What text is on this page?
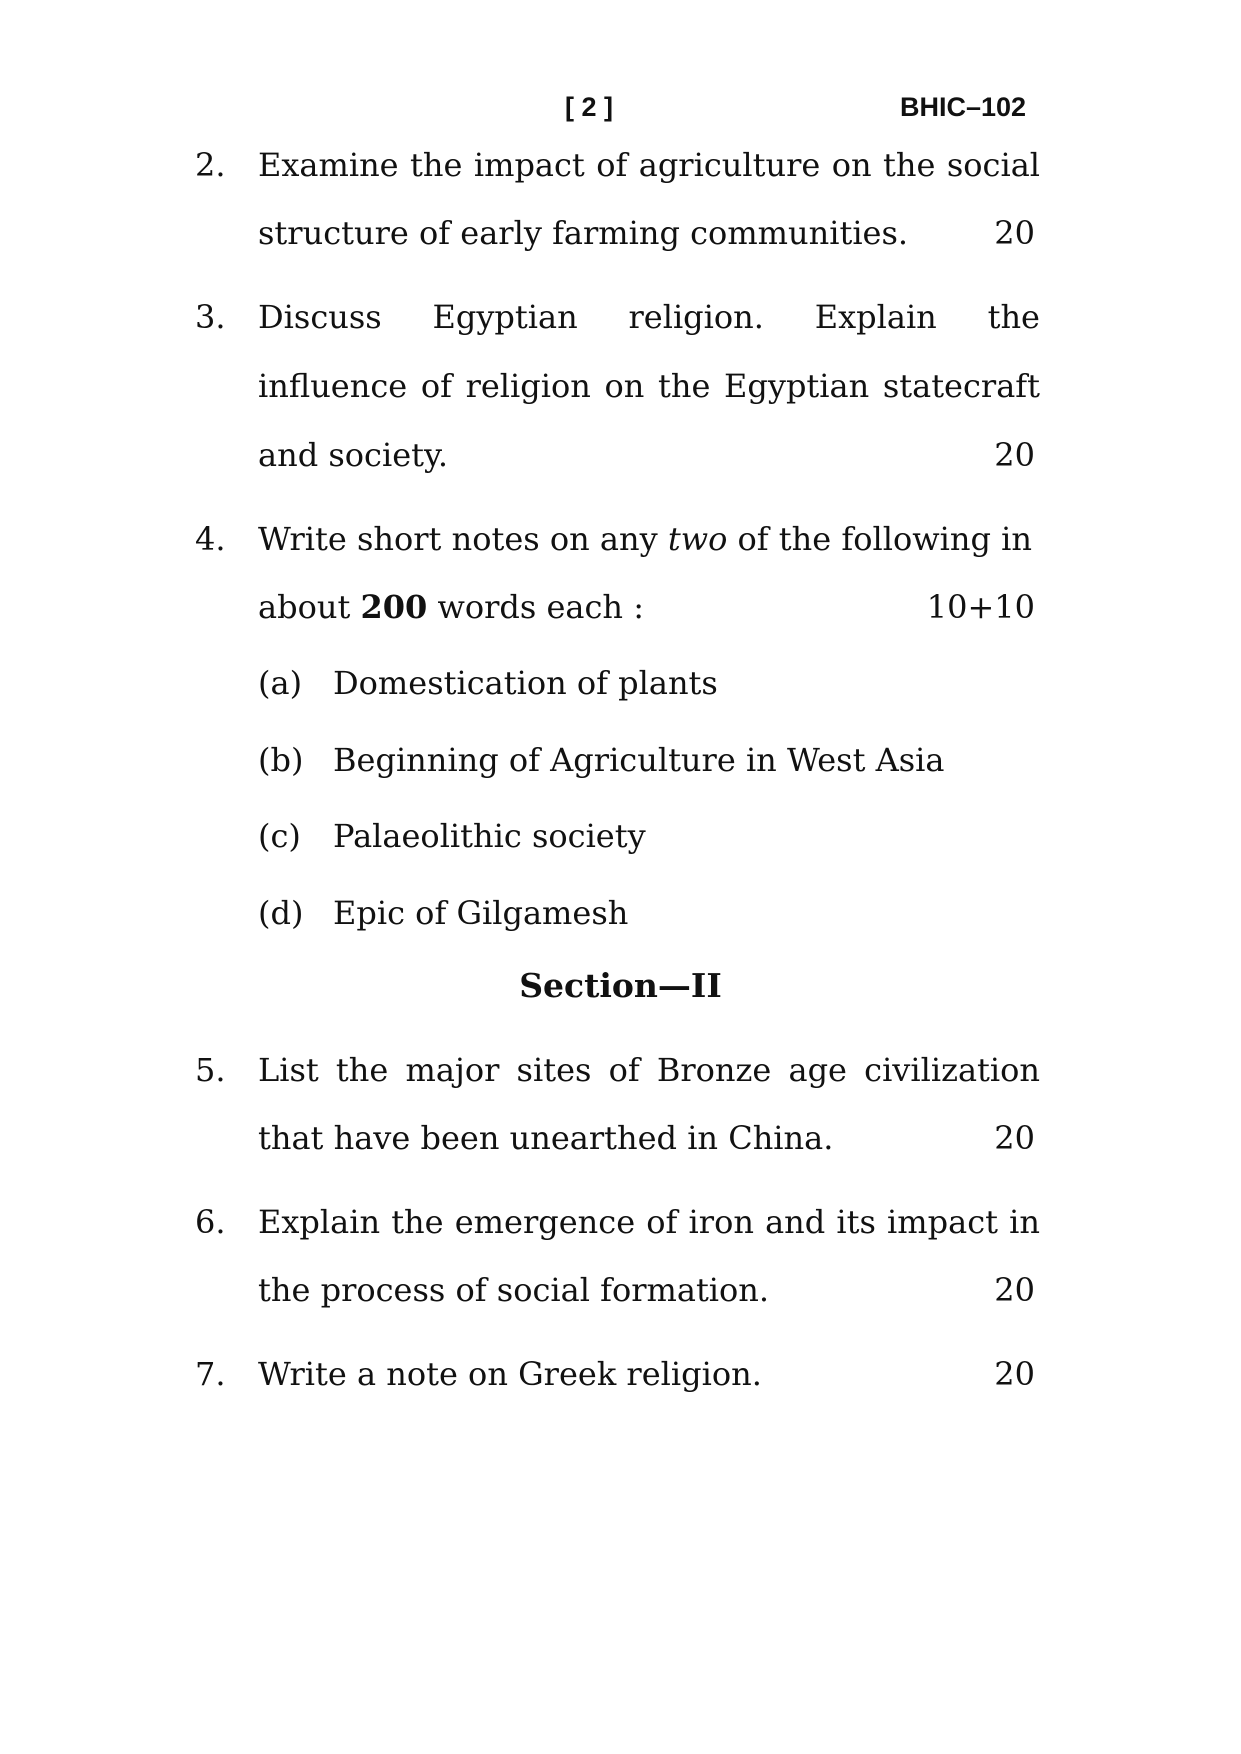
[ 2 ]	BHIC–102
2. Examine the impact of agriculture on the social
structure of early farming communities.	20
3. Discuss Egyptian religion. Explain the
influence of religion on the Egyptian statecraft
and society.	20
4. Write short notes on any two of the following in
about 200 words each :	10+10
(a) Domestication of plants
(b) Beginning of Agriculture in West Asia
(c) Palaeolithic society
(d) Epic of Gilgamesh
Section—II
5. List the major sites of Bronze age civilization
that have been unearthed in China.	20
6. Explain the emergence of iron and its impact in
the process of social formation.	20
7. Write a note on Greek religion.	20
